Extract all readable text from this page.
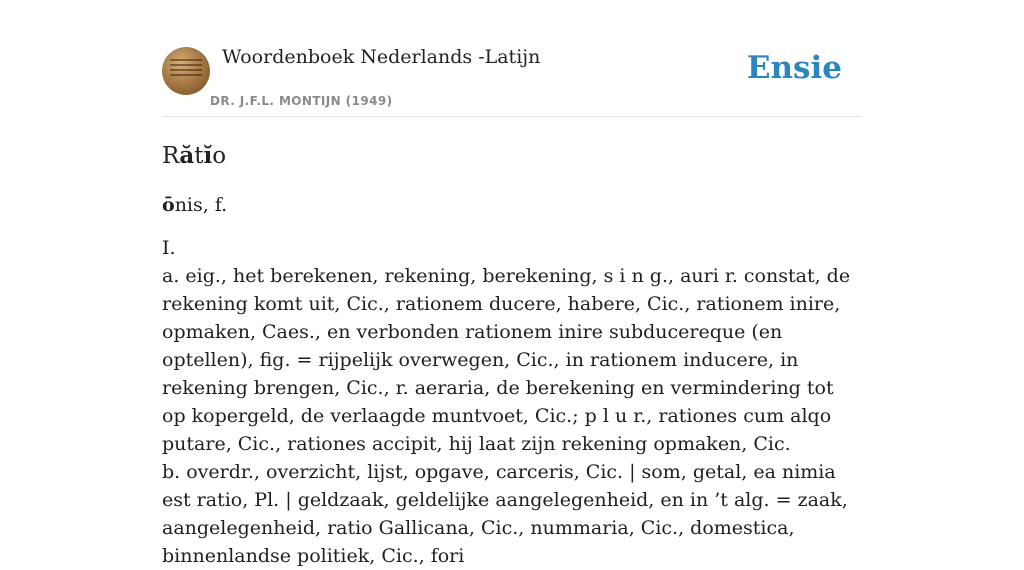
Woordenboek Nederlands -Latijn
DR. J.F.L. MONTIJN (1949)
Ensie
Rătĭo
ōnis, f.

I.

a. eig., het berekenen, rekening, berekening, s i n g., auri r. constat, de rekening komt uit, Cic., rationem ducere, habere, Cic., rationem inire, opmaken, Caes., en verbonden rationem inire subducereque (en optellen), fig. = rijpelijk overwegen, Cic., in rationem inducere, in rekening brengen, Cic., r. aeraria, de berekening en vermindering tot op kopergeld, de verlaagde muntvoet, Cic.; p l u r., rationes cum alqo putare, Cic., rationes accipit, hij laat zijn rekening opmaken, Cic.

b. overdr., overzicht, lijst, opgave, carceris, Cic. | som, getal, ea nimia est ratio, Pl. | geldzaak, geldelijke aangelegenheid, en in ’t alg. = zaak, aangelegenheid, ratio Gallicana, Cic., nummaria, Cic., domestica, binnenlandse politiek, Cic., fori
